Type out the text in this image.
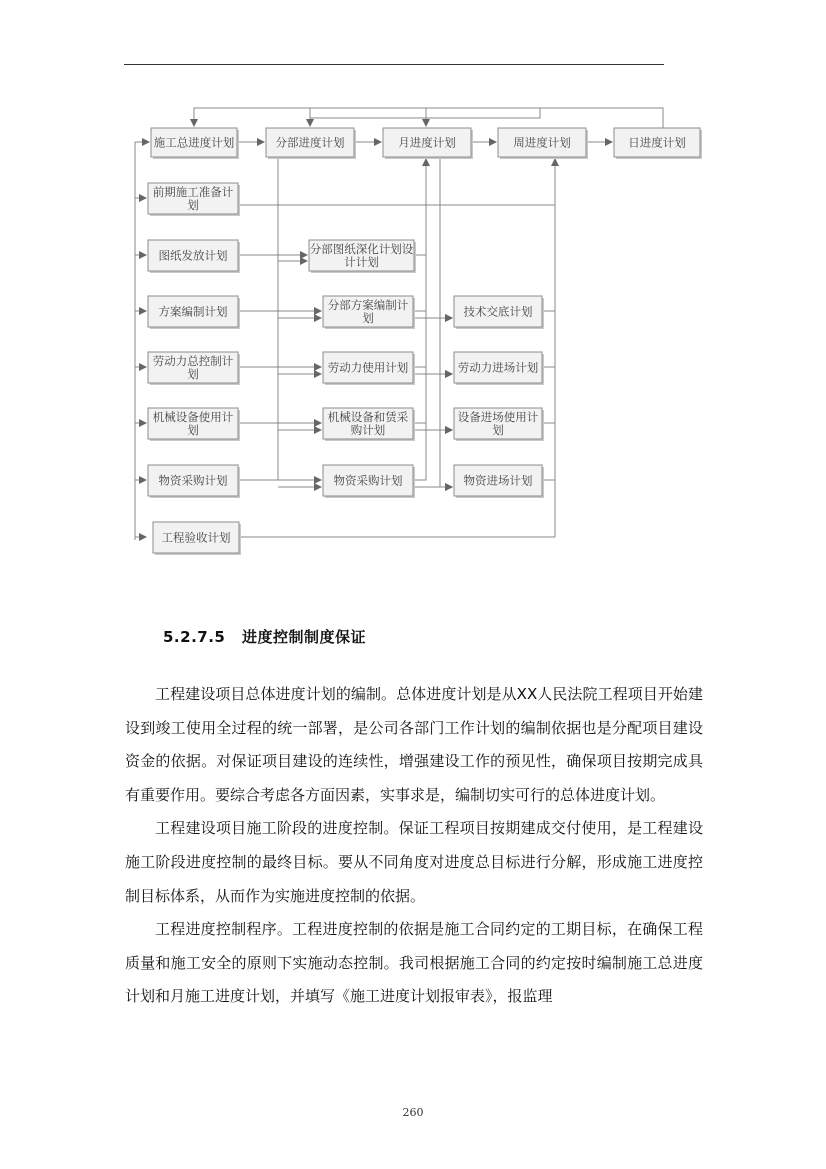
施工总进度计划	分部进度计划	月进度计划	周进度计划	日进度计划
前期施工准备计
划
图纸发放计划	分部图纸深化计划设
计计划
方案编制计划	分部方案编制计
划	技术交底计划
劳动力总控制计
划	劳动力使用计划	劳动力进场计划
机械设备使用计
划
机械设备和赁采
购计划
设备进场使用计
划
物资采购计划	物资采购计划	物资进场计划
工程验收计划
5.2.7.5 进度控制制度保证

工程建设项目总体进度计划的编制。总体进度计划是从XX人民法院工程项目开始建设到竣工使用全过程的统一部署，是公司各部门工作计划的编制依据也是分配项目建设资金的依据。对保证项目建设的连续性，增强建设工作的预见性，确保项目按期完成具有重要作用。要综合考虑各方面因素，实事求是，编制切实可行的总体进度计划。

工程建设项目施工阶段的进度控制。保证工程项目按期建成交付使用，是工程建设施工阶段进度控制的最终目标。要从不同角度对进度总目标进行分解，形成施工进度控制目标体系，从而作为实施进度控制的依据。

工程进度控制程序。工程进度控制的依据是施工合同约定的工期目标，在确保工程质量和施工安全的原则下实施动态控制。我司根据施工合同的约定按时编制施工总进度计划和月施工进度计划，并填写《施工进度计划报审表》，报监理

260
